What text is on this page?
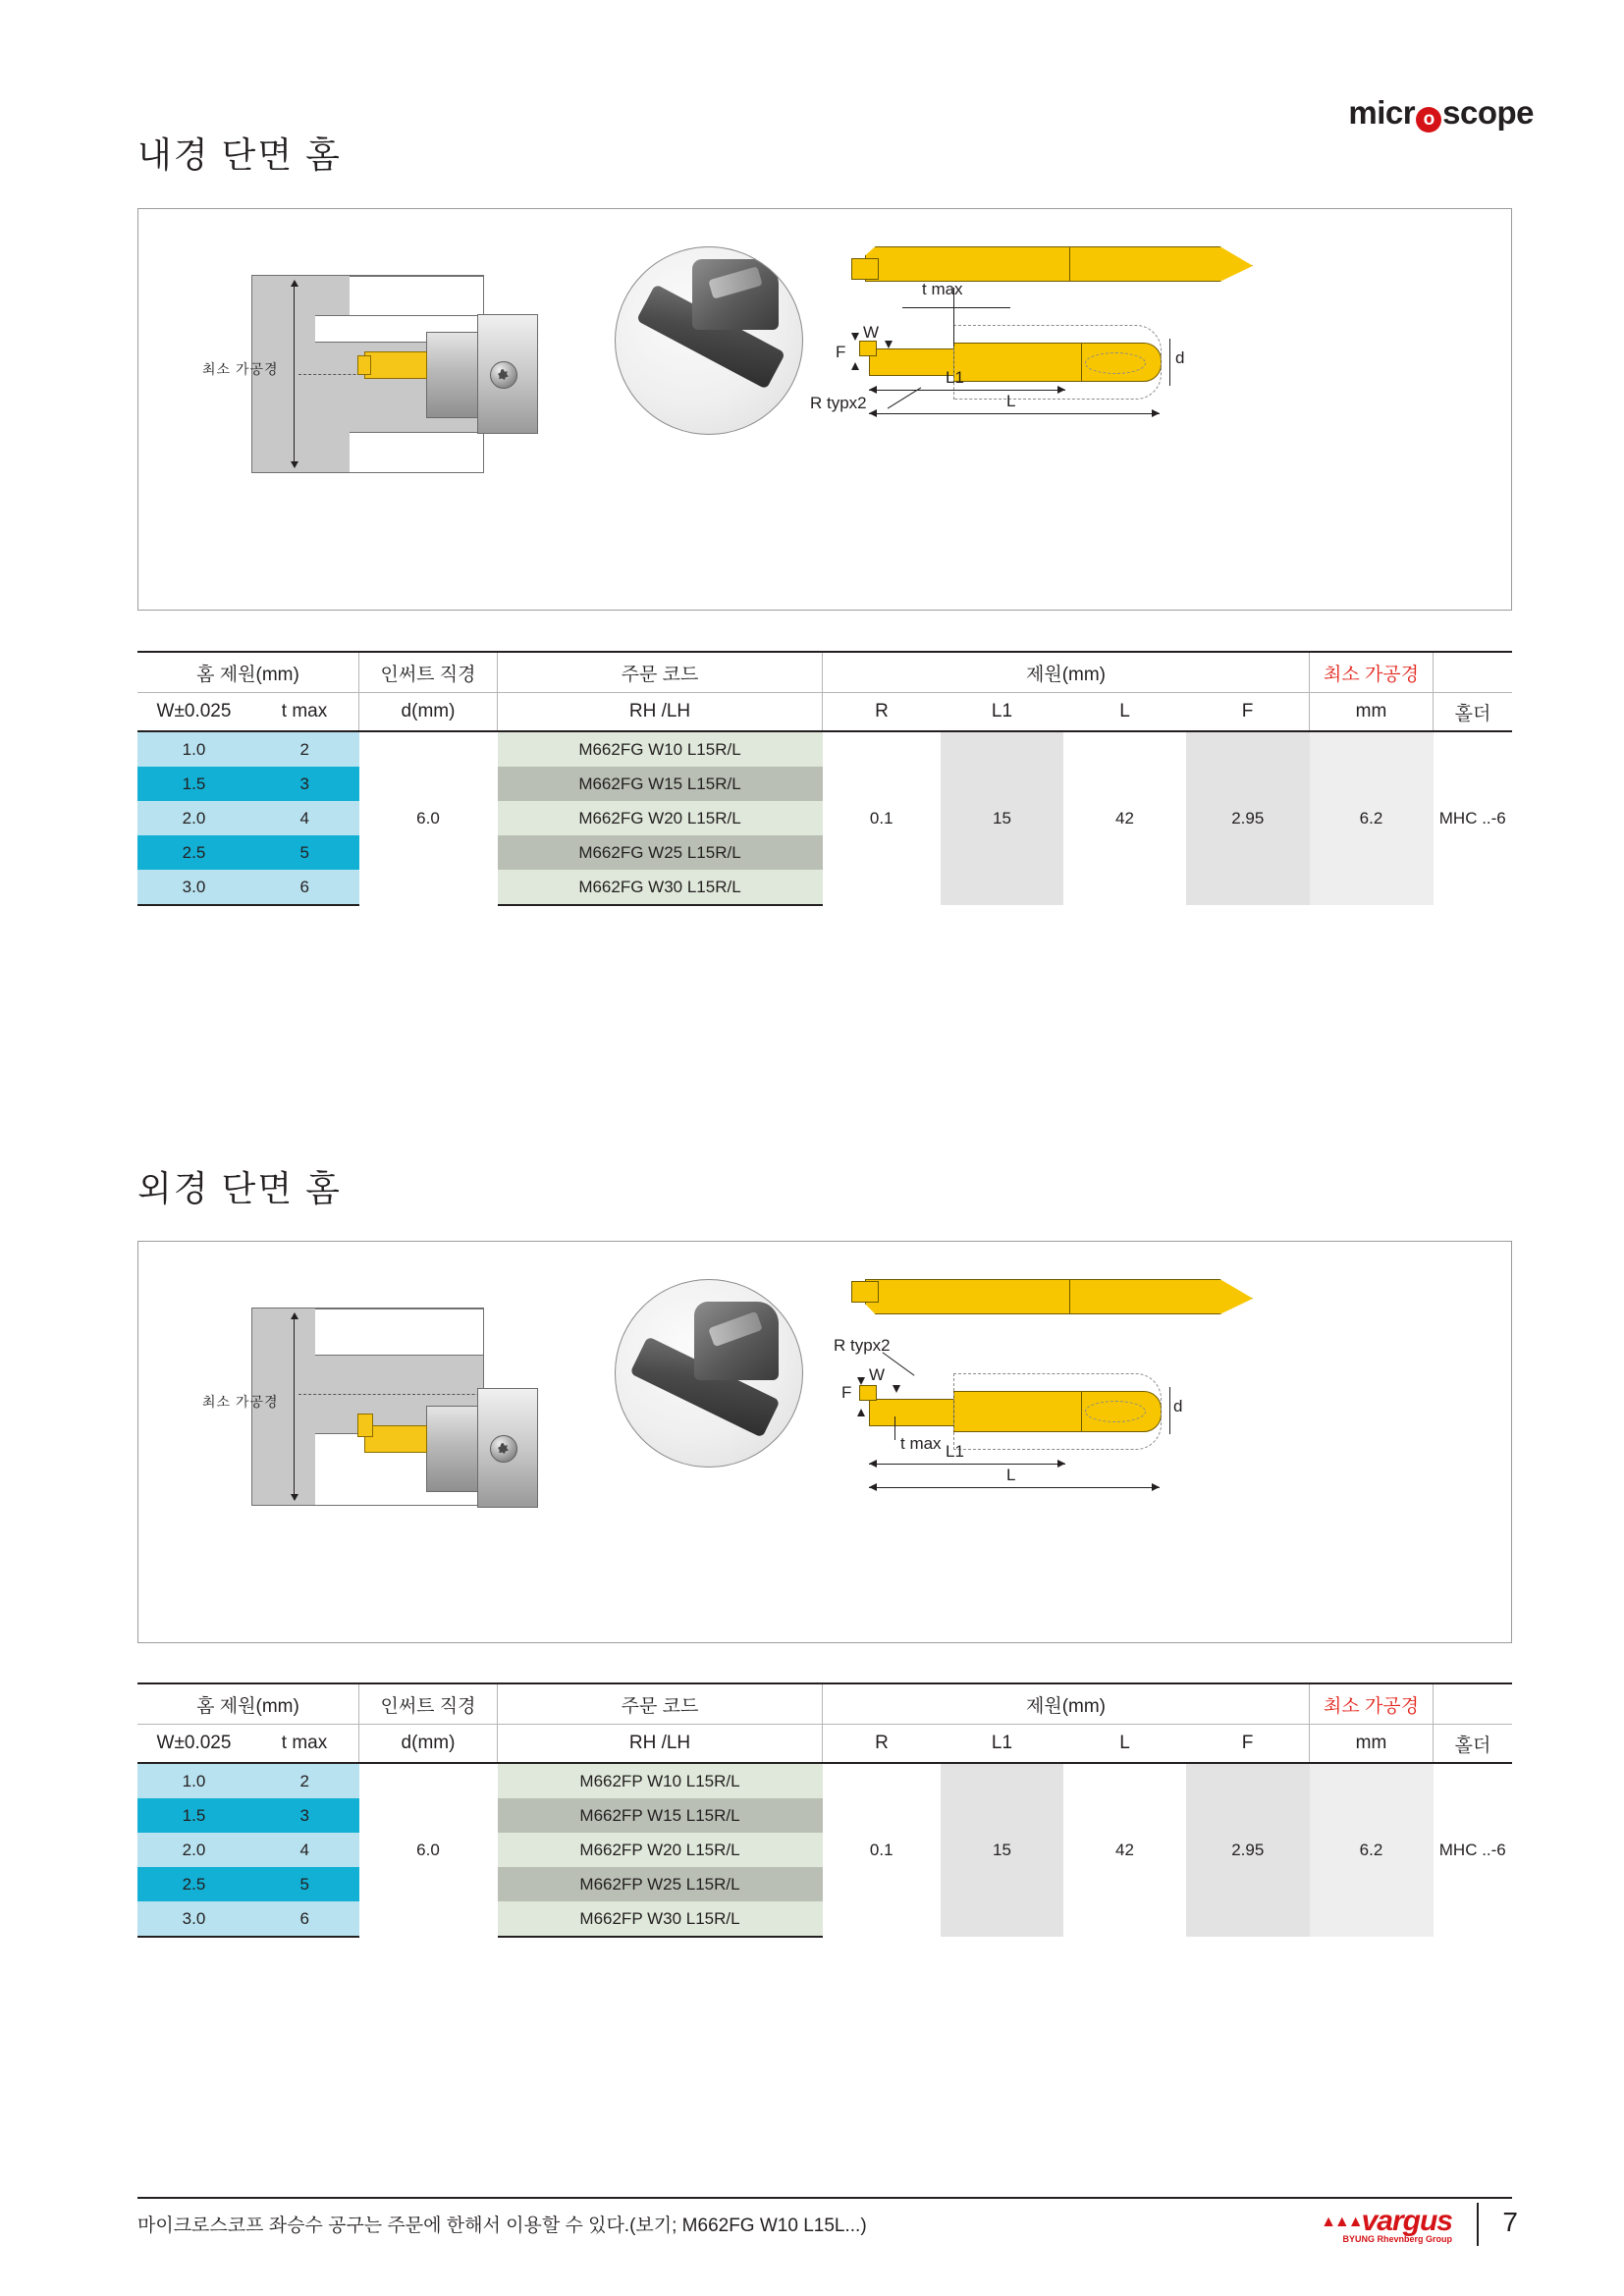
micr o scope
내경 단면 홈
최소 가공경
t max
W
F
R typx2
L1
L
d
홈 제원(mm)		인써트 직경	주문 코드	제원(mm)				최소 가공경	
W±0.025	t max	d(mm)	RH /LH	R	L1	L	F	mm	홀더
1.0	2	6.0	M662FG W10 L15R/L	0.1	15	42	2.95	6.2	MHC ..-6
1.5	3		M662FG W15 L15R/L						
2.0	4		M662FG W20 L15R/L						
2.5	5		M662FG W25 L15R/L						
3.0	6		M662FG W30 L15R/L						
외경 단면 홈
최소 가공경
R typx2
W
F
t max L1
L
d
홈 제원(mm)		인써트 직경	주문 코드	제원(mm)				최소 가공경	
W±0.025	t max	d(mm)	RH /LH	R	L1	L	F	mm	홀더
1.0	2	6.0	M662FP W10 L15R/L	0.1	15	42	2.95	6.2	MHC ..-6
1.5	3		M662FP W15 L15R/L						
2.0	4		M662FP W20 L15R/L						
2.5	5		M662FP W25 L15R/L						
3.0	6		M662FP W30 L15R/L						
마이크로스코프 좌승수 공구는 주문에 한해서 이용할 수 있다.(보기; M662FG W10 L15L...)	▲▲▲vargus
BYUNG Rhevnberg Group
7
